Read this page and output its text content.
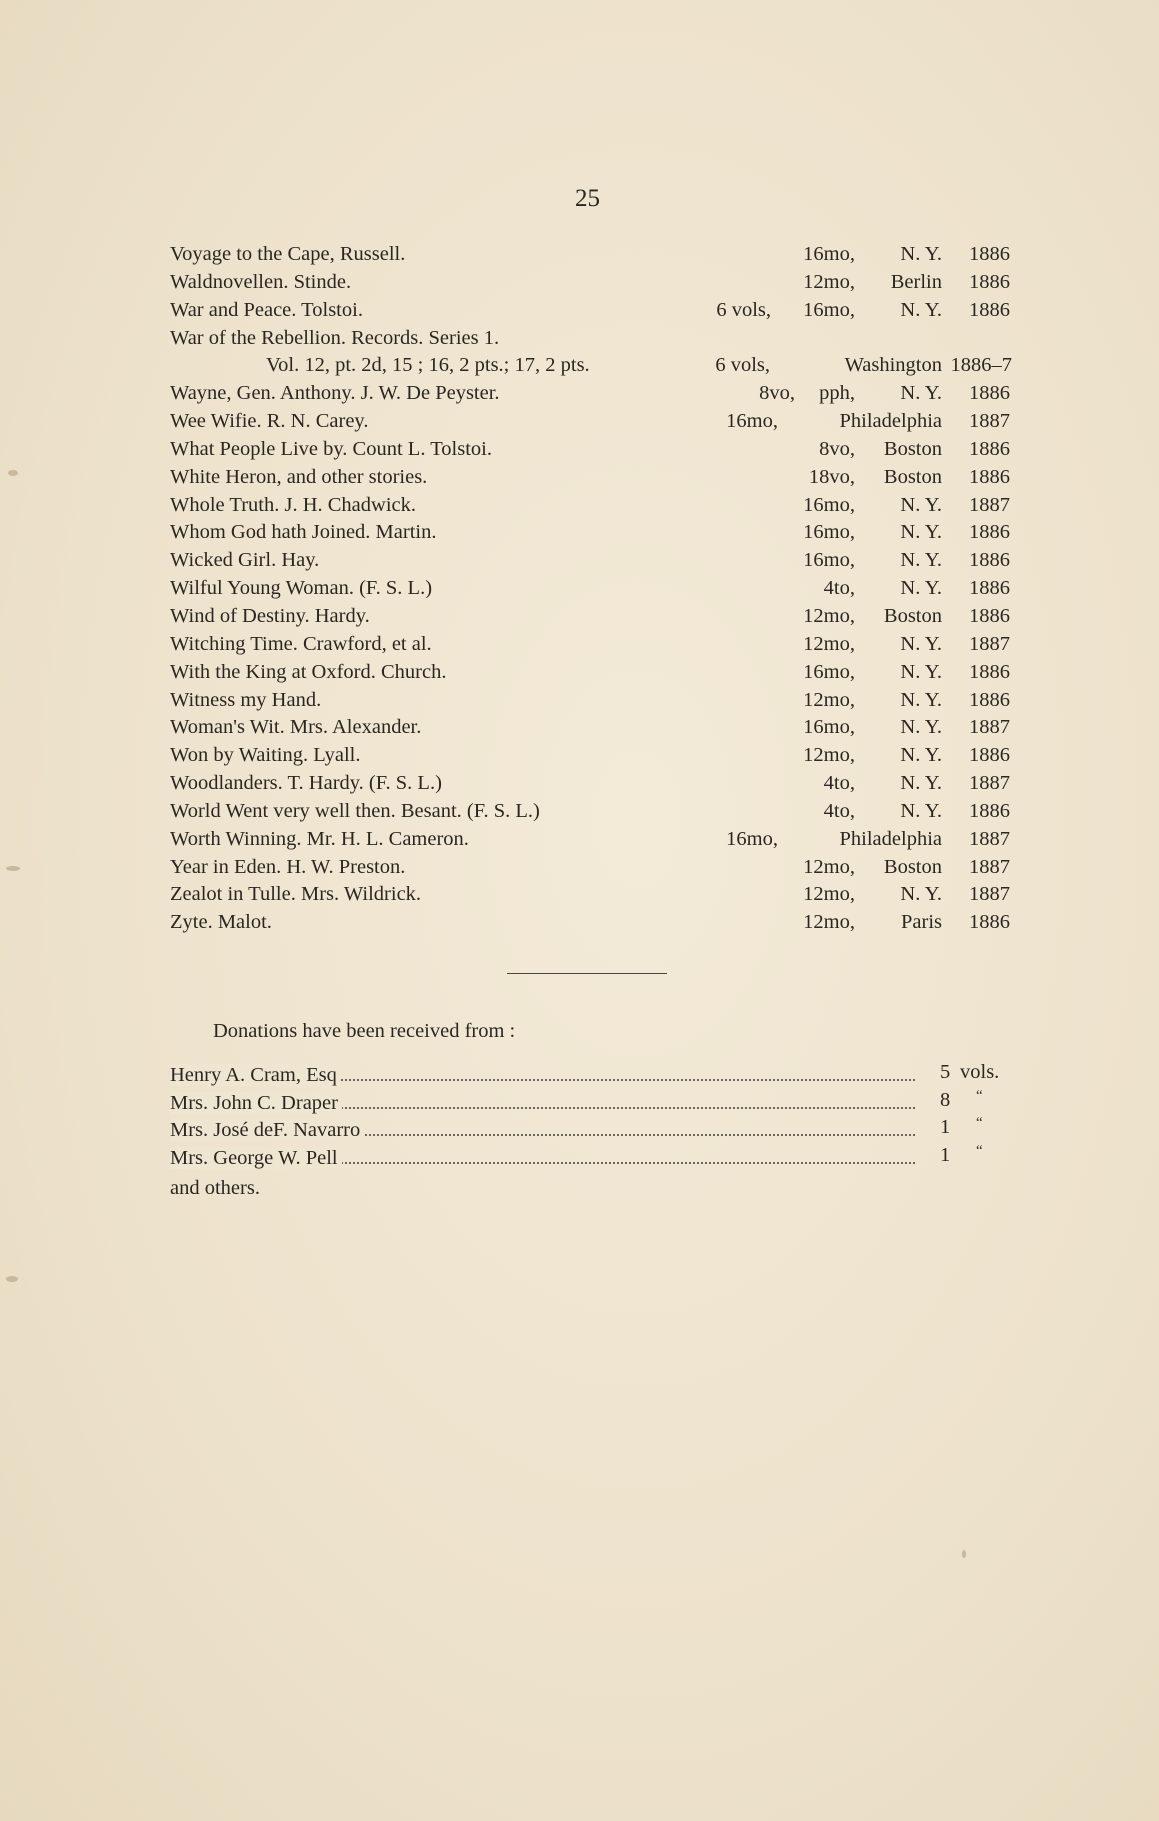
25
Voyage to the Cape, Russell.	16mo, N. Y. 1886
Waldnovellen. Stinde.	12mo, Berlin 1886
War and Peace. Tolstoi.	6 vols, 16mo, N. Y. 1886
War of the Rebellion. Records. Series 1.
Vol. 12, pt. 2d, 15 ; 16, 2 pts.; 17, 2 pts.	6 vols,	Washington 1886–7
Wayne, Gen. Anthony. J. W. De Peyster.	8vo, pph, N. Y. 1886
Wee Wifie. R. N. Carey.	16mo,	Philadelphia 1887
What People Live by. Count L. Tolstoi.	8vo, Boston 1886
White Heron, and other stories.	18vo, Boston 1886
Whole Truth. J. H. Chadwick.	16mo, N. Y. 1887
Whom God hath Joined. Martin.	16mo, N. Y. 1886
Wicked Girl. Hay.	16mo, N. Y. 1886
Wilful Young Woman. (F. S. L.)	4to, N. Y. 1886
Wind of Destiny. Hardy.	12mo, Boston 1886
Witching Time. Crawford, et al.	12mo, N. Y. 1887
With the King at Oxford. Church.	16mo, N. Y. 1886
Witness my Hand.	12mo, N. Y. 1886
Woman's Wit. Mrs. Alexander.	16mo, N. Y. 1887
Won by Waiting. Lyall.	12mo, N. Y. 1886
Woodlanders. T. Hardy. (F. S. L.)	4to, N. Y. 1887
World Went very well then. Besant. (F. S. L.)	4to, N. Y. 1886
Worth Winning. Mr. H. L. Cameron.	16mo,	Philadelphia 1887
Year in Eden. H. W. Preston.	12mo, Boston 1887
Zealot in Tulle. Mrs. Wildrick.	12mo, N. Y. 1887
Zyte. Malot.	12mo, Paris 1886
Donations have been received from :
Henry A. Cram, Esq	5 vols.
Mrs. John C. Draper	8 “
Mrs. José deF. Navarro	1 “
Mrs. George W. Pell	1 “
and others.
